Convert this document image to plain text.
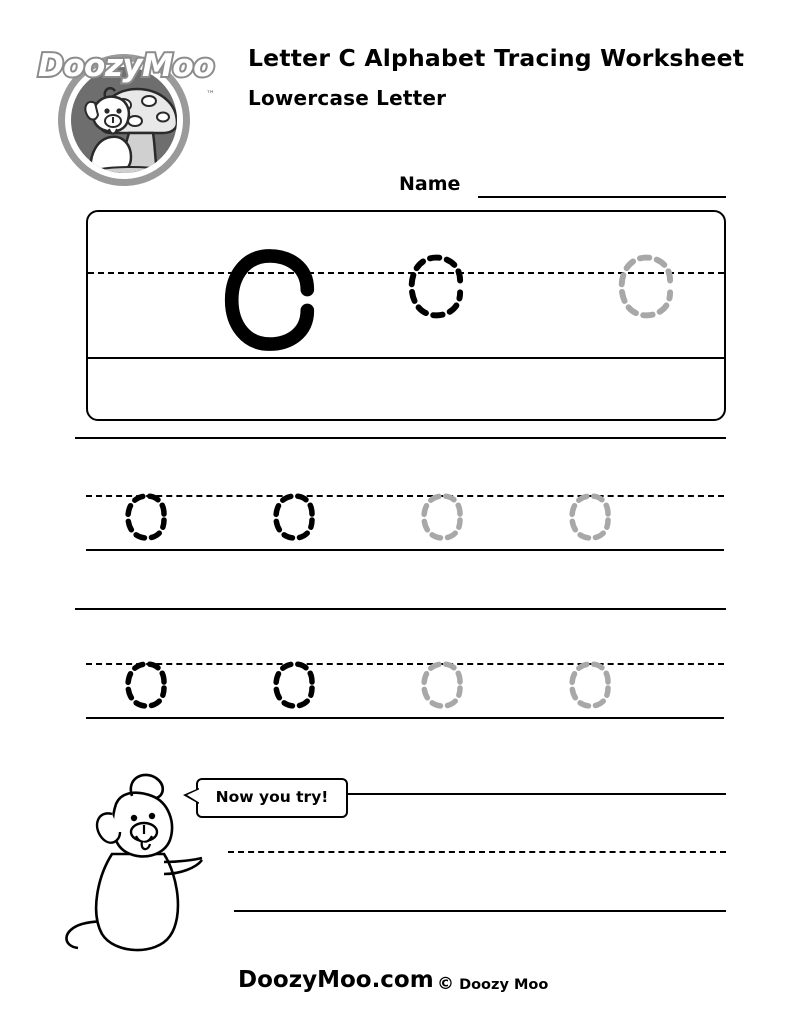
DoozyMoo
™
Letter C Alphabet Tracing Worksheet
Lowercase Letter
Name
Now you try!
DoozyMoo.com © Doozy Moo
